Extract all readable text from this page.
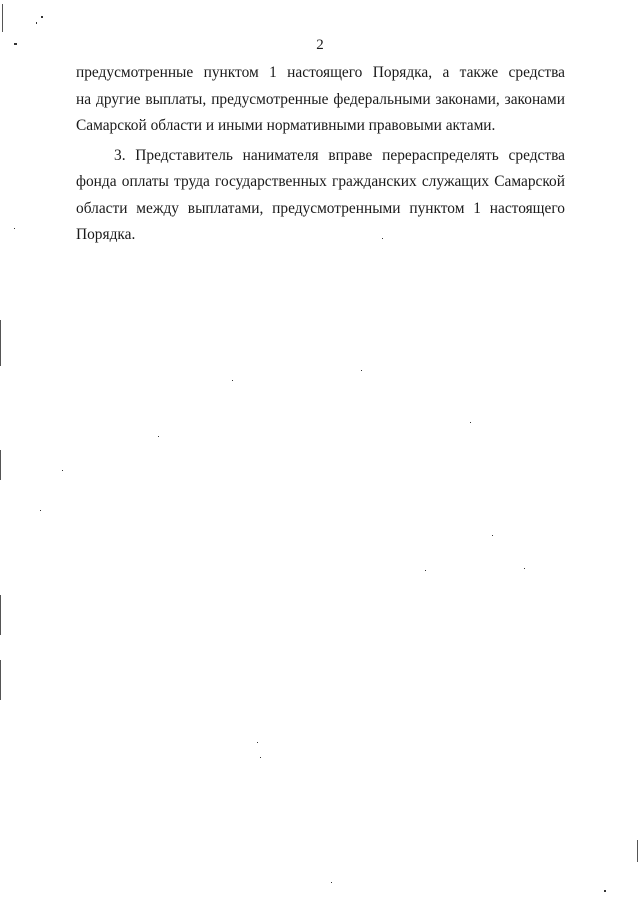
2
предусмотренные пунктом 1 настоящего Порядка, а также средства
на другие выплаты, предусмотренные федеральными законами, законами
Самарской области и иными нормативными правовыми актами.
3. Представитель нанимателя вправе перераспределять средства
фонда оплаты труда государственных гражданских служащих Самарской
области между выплатами, предусмотренными пунктом 1 настоящего
Порядка.
